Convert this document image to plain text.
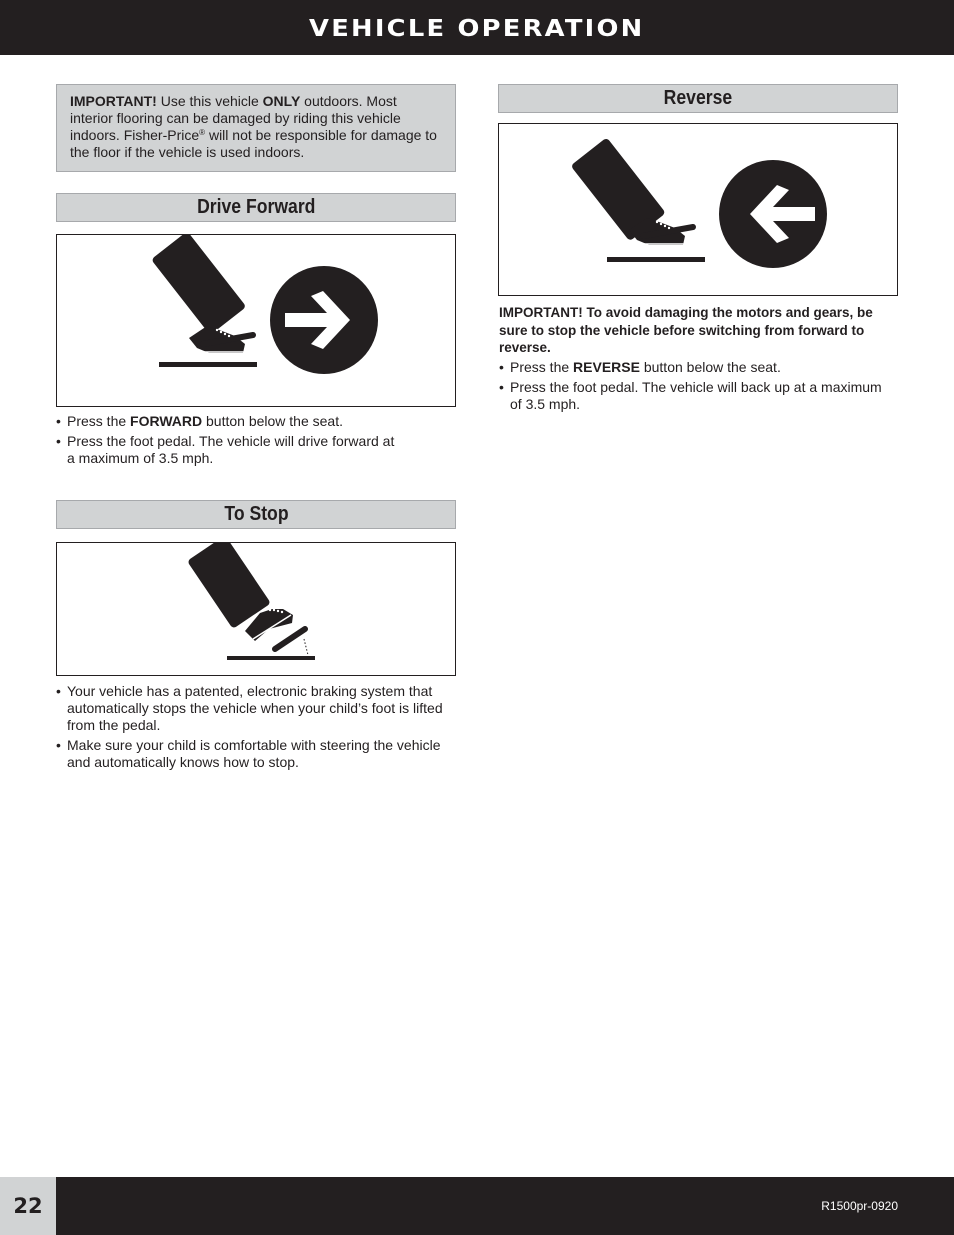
VEHICLE OPERATION
IMPORTANT! Use this vehicle ONLY outdoors. Most interior flooring can be damaged by riding this vehicle indoors. Fisher-Price® will not be responsible for damage to the floor if the vehicle is used indoors.
Drive Forward
• Press the FORWARD button below the seat.
• Press the foot pedal. The vehicle will drive forward at a maximum of 3.5 mph.
To Stop
• Your vehicle has a patented, electronic braking system that automatically stops the vehicle when your child’s foot is lifted from the pedal.
• Make sure your child is comfortable with steering the vehicle and automatically knows how to stop.
Reverse
IMPORTANT! To avoid damaging the motors and gears, be sure to stop the vehicle before switching from forward to reverse.
• Press the REVERSE button below the seat.
• Press the foot pedal. The vehicle will back up at a maximum of 3.5 mph.
22	R1500pr-0920
